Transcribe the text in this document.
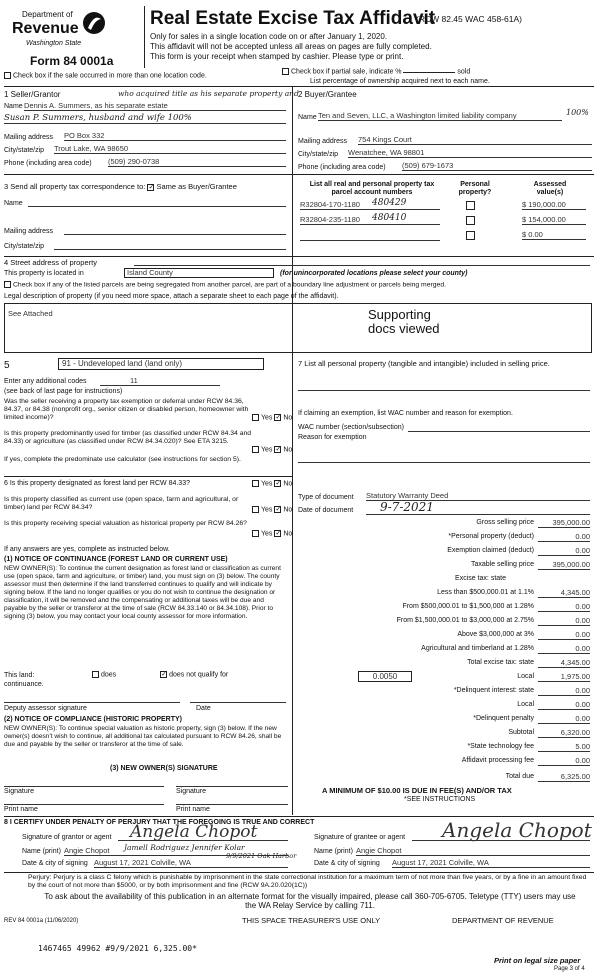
Department of
Revenue
Washington State
Form 84 0001a
Real Estate Excise Tax Affidavit
(RCW 82.45 WAC 458-61A)
Only for sales in a single location code on or after January 1, 2020.
This affidavit will not be accepted unless all areas on pages are fully completed.
This form is your receipt when stamped by cashier. Please type or print.
Check box if the sale occurred in more than one location code.
Check box if partial sale, indicate %	sold
List percentage of ownership acquired next to each name.
1 Seller/Grantor	who acquired title as his separate property and
Name Dennis A. Summers, as his separate estate
Susan P. Summers, husband and wife 100%
Mailing address PO Box 332
City/state/zip Trout Lake, WA 98650
Phone (including area code) (509) 290-0738
2 Buyer/Grantee
Name Ten and Seven, LLC, a Washington limited liability company	100%
Mailing address 754 Kings Court
City/state/zip Wenatchee, WA 98801
Phone (including area code) (509) 679-1673
3 Send all property tax correspondence to: ✓ Same as Buyer/Grantee
Name
Mailing address
City/state/zip
List all real and personal property tax parcel account numbers
Personal property?
Assessed value(s)
R32804-170-1180	480429	$ 190,000.00
R32804-235-1180	480410	$ 154,000.00
$ 0.00
4 Street address of property
This property is located in	Island County	(for unincorporated locations please select your county)
Check box if any of the listed parcels are being segregated from another parcel, are part of a boundary line adjustment or parcels being merged.
Legal description of property (if you need more space, attach a separate sheet to each page of the affidavit).
See Attached	Supporting
docs viewed
5	91 - Undeveloped land (land only)
Enter any additional codes	11
(see back of last page for instructions)
Was the seller receiving a property tax exemption or deferral under RCW 84.36, 84.37, or 84.38 (nonprofit org., senior citizen or disabled person, homeowner with limited income)?	Yes ✓ No
Is this property predominantly used for timber (as classified under RCW 84.34 and 84.33) or agriculture (as classified under RCW 84.34.020)? See ETA 3215.
Yes ✓ No
If yes, complete the predominate use calculator (see instructions for section 5).
6 Is this property designated as forest land per RCW 84.33?	Yes ✓ No
Is this property classified as current use (open space, farm and agricultural, or timber) land per RCW 84.34?	Yes ✓ No
Is this property receiving special valuation as historical property per RCW 84.26?
Yes ✓ No
If any answers are yes, complete as instructed below.
(1) NOTICE OF CONTINUANCE (FOREST LAND OR CURRENT USE)
NEW OWNER(S): To continue the current designation as forest land or classification as current use (open space, farm and agriculture, or timber) land, you must sign on (3) below. The county assessor must then determine if the land transferred continues to qualify and will indicate by signing below. If the land no longer qualifies or you do not wish to continue the designation or classification, it will be removed and the compensating or additional taxes will be due and payable by the seller or transferor at the time of sale (RCW 84.33.140 or 84.34.108). Prior to signing (3) below, you may contact your local county assessor for more information.
This land:	does ✓	does not qualify for
continuance.
Deputy assessor signature	Date
(2) NOTICE OF COMPLIANCE (HISTORIC PROPERTY)
NEW OWNER(S): To continue special valuation as historic property, sign (3) below. If the new owner(s) doesn't wish to continue, all additional tax calculated pursuant to RCW 84.26, shall be due and payable by the seller or transferor at the time of sale.
(3) NEW OWNER(S) SIGNATURE
Signature	Signature
Print name	Print name
7 List all personal property (tangible and intangible) included in selling price.
If claiming an exemption, list WAC number and reason for exemption.
WAC number (section/subsection)
Reason for exemption
Type of document Statutory Warranty Deed
Date of document	9-7-2021
Gross selling price	395,000.00
*Personal property (deduct)	0.00
Exemption claimed (deduct)	0.00
Taxable selling price	395,000.00
Excise tax: state
Less than $500,000.01 at 1.1%	4,345.00
From $500,000.01 to $1,500,000 at 1.28%	0.00
From $1,500,000.01 to $3,000,000 at 2.75%	0.00
Above $3,000,000 at 3%	0.00
Agricultural and timberland at 1.28%	0.00
Total excise tax: state	4,345.00
0.0050	Local	1,975.00
*Delinquent interest: state	0.00
Local	0.00
*Delinquent penalty	0.00
Subtotal	6,320.00
*State technology fee	5.00
Affidavit processing fee	0.00
Total due	6,325.00
A MINIMUM OF $10.00 IS DUE IN FEE(S) AND/OR TAX
*SEE INSTRUCTIONS
8 I CERTIFY UNDER PENALTY OF PERJURY THAT THE FOREGOING IS TRUE AND CORRECT
Signature of grantor or agent Angela Chopot
Name (print) Angie Chopot	Jamell Rodriguez Jennifer Kolar
Date & city of signing August 17, 2021 Colville, WA
9/9/2021 Oak Harbor
Signature of grantee or agent Angela Chopot
Name (print) Angie Chopot
Date & city of signing August 17, 2021 Colville, WA
Perjury: Perjury is a class C felony which is punishable by imprisonment in the state correctional institution for a maximum term of not more than five years, or by a fine in an amount fixed by the court of not more than $5000, or by both imprisonment and fine (RCW 9A.20.020(1C))
To ask about the availability of this publication in an alternate format for the visually impaired, please call 360-705-6705. Teletype (TTY) users may use the WA Relay Service by calling 711.
REV 84 0001a (11/06/2020)	THIS SPACE TREASURER'S USE ONLY	DEPARTMENT OF REVENUE
1467465 49962 #9/9/2021 6,325.00*
Print on legal size paper
Page 3 of 4
